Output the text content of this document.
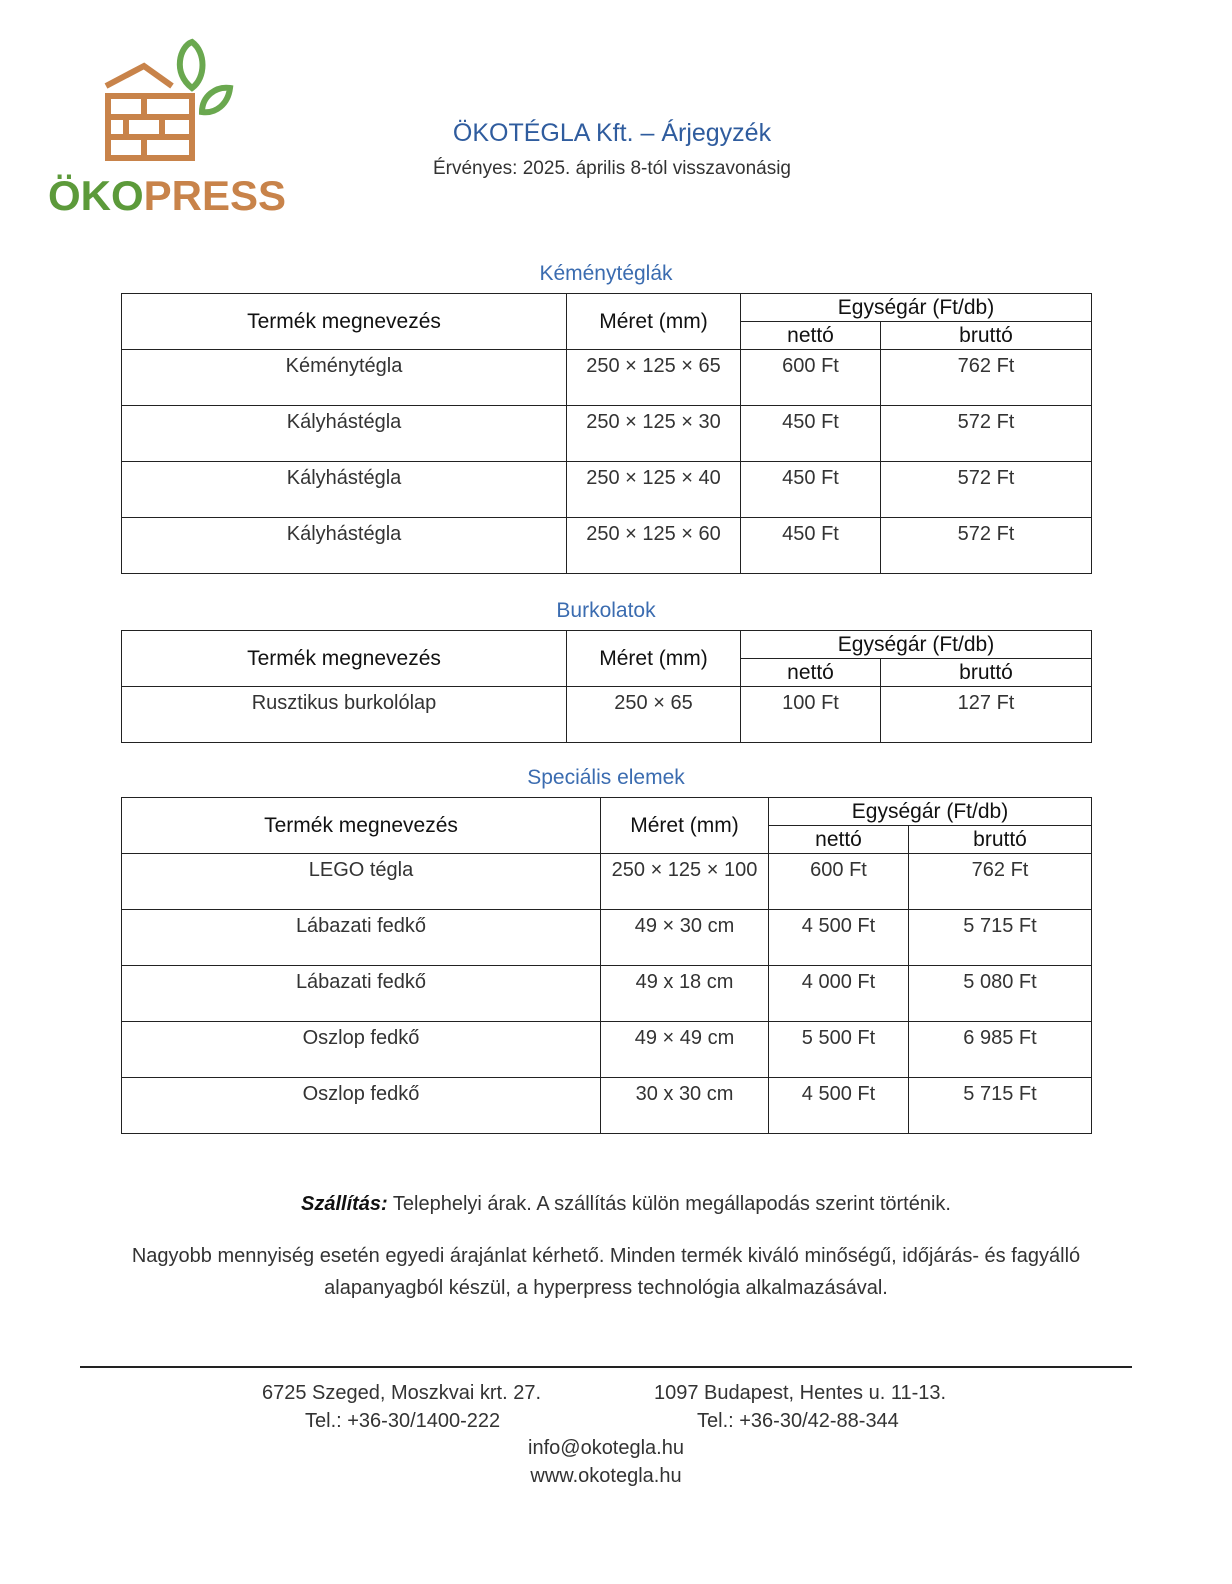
ÖKOPRESS
ÖKOTÉGLA Kft. – Árjegyzék
Érvényes: 2025. április 8-tól visszavonásig
Kéménytéglák
Termék megnevezés	Méret (mm)	Egységár (Ft/db)	
		nettó	bruttó
Kéménytégla	250 × 125 × 65	600 Ft	762 Ft
Kályhástégla	250 × 125 × 30	450 Ft	572 Ft
Kályhástégla	250 × 125 × 40	450 Ft	572 Ft
Kályhástégla	250 × 125 × 60	450 Ft	572 Ft
Burkolatok
Termék megnevezés	Méret (mm)	Egységár (Ft/db)	
		nettó	bruttó
Rusztikus burkolólap	250 × 65	100 Ft	127 Ft
Speciális elemek
Termék megnevezés	Méret (mm)	Egységár (Ft/db)	
		nettó	bruttó
LEGO tégla	250 × 125 × 100	600 Ft	762 Ft
Lábazati fedkő	49 × 30 cm	4 500 Ft	5 715 Ft
Lábazati fedkő	49 x 18 cm	4 000 Ft	5 080 Ft
Oszlop fedkő	49 × 49 cm	5 500 Ft	6 985 Ft
Oszlop fedkő	30 x 30 cm	4 500 Ft	5 715 Ft
Szállítás: Telephelyi árak. A szállítás külön megállapodás szerint történik.
Nagyobb mennyiség esetén egyedi árajánlat kérhető. Minden termék kiváló minőségű, időjárás- és fagyálló
alapanyagból készül, a hyperpress technológia alkalmazásával.
6725 Szeged, Moszkvai krt. 27.
Tel.: +36-30/1400-222
1097 Budapest, Hentes u. 11-13.
Tel.: +36-30/42-88-344
info@okotegla.hu
www.okotegla.hu
